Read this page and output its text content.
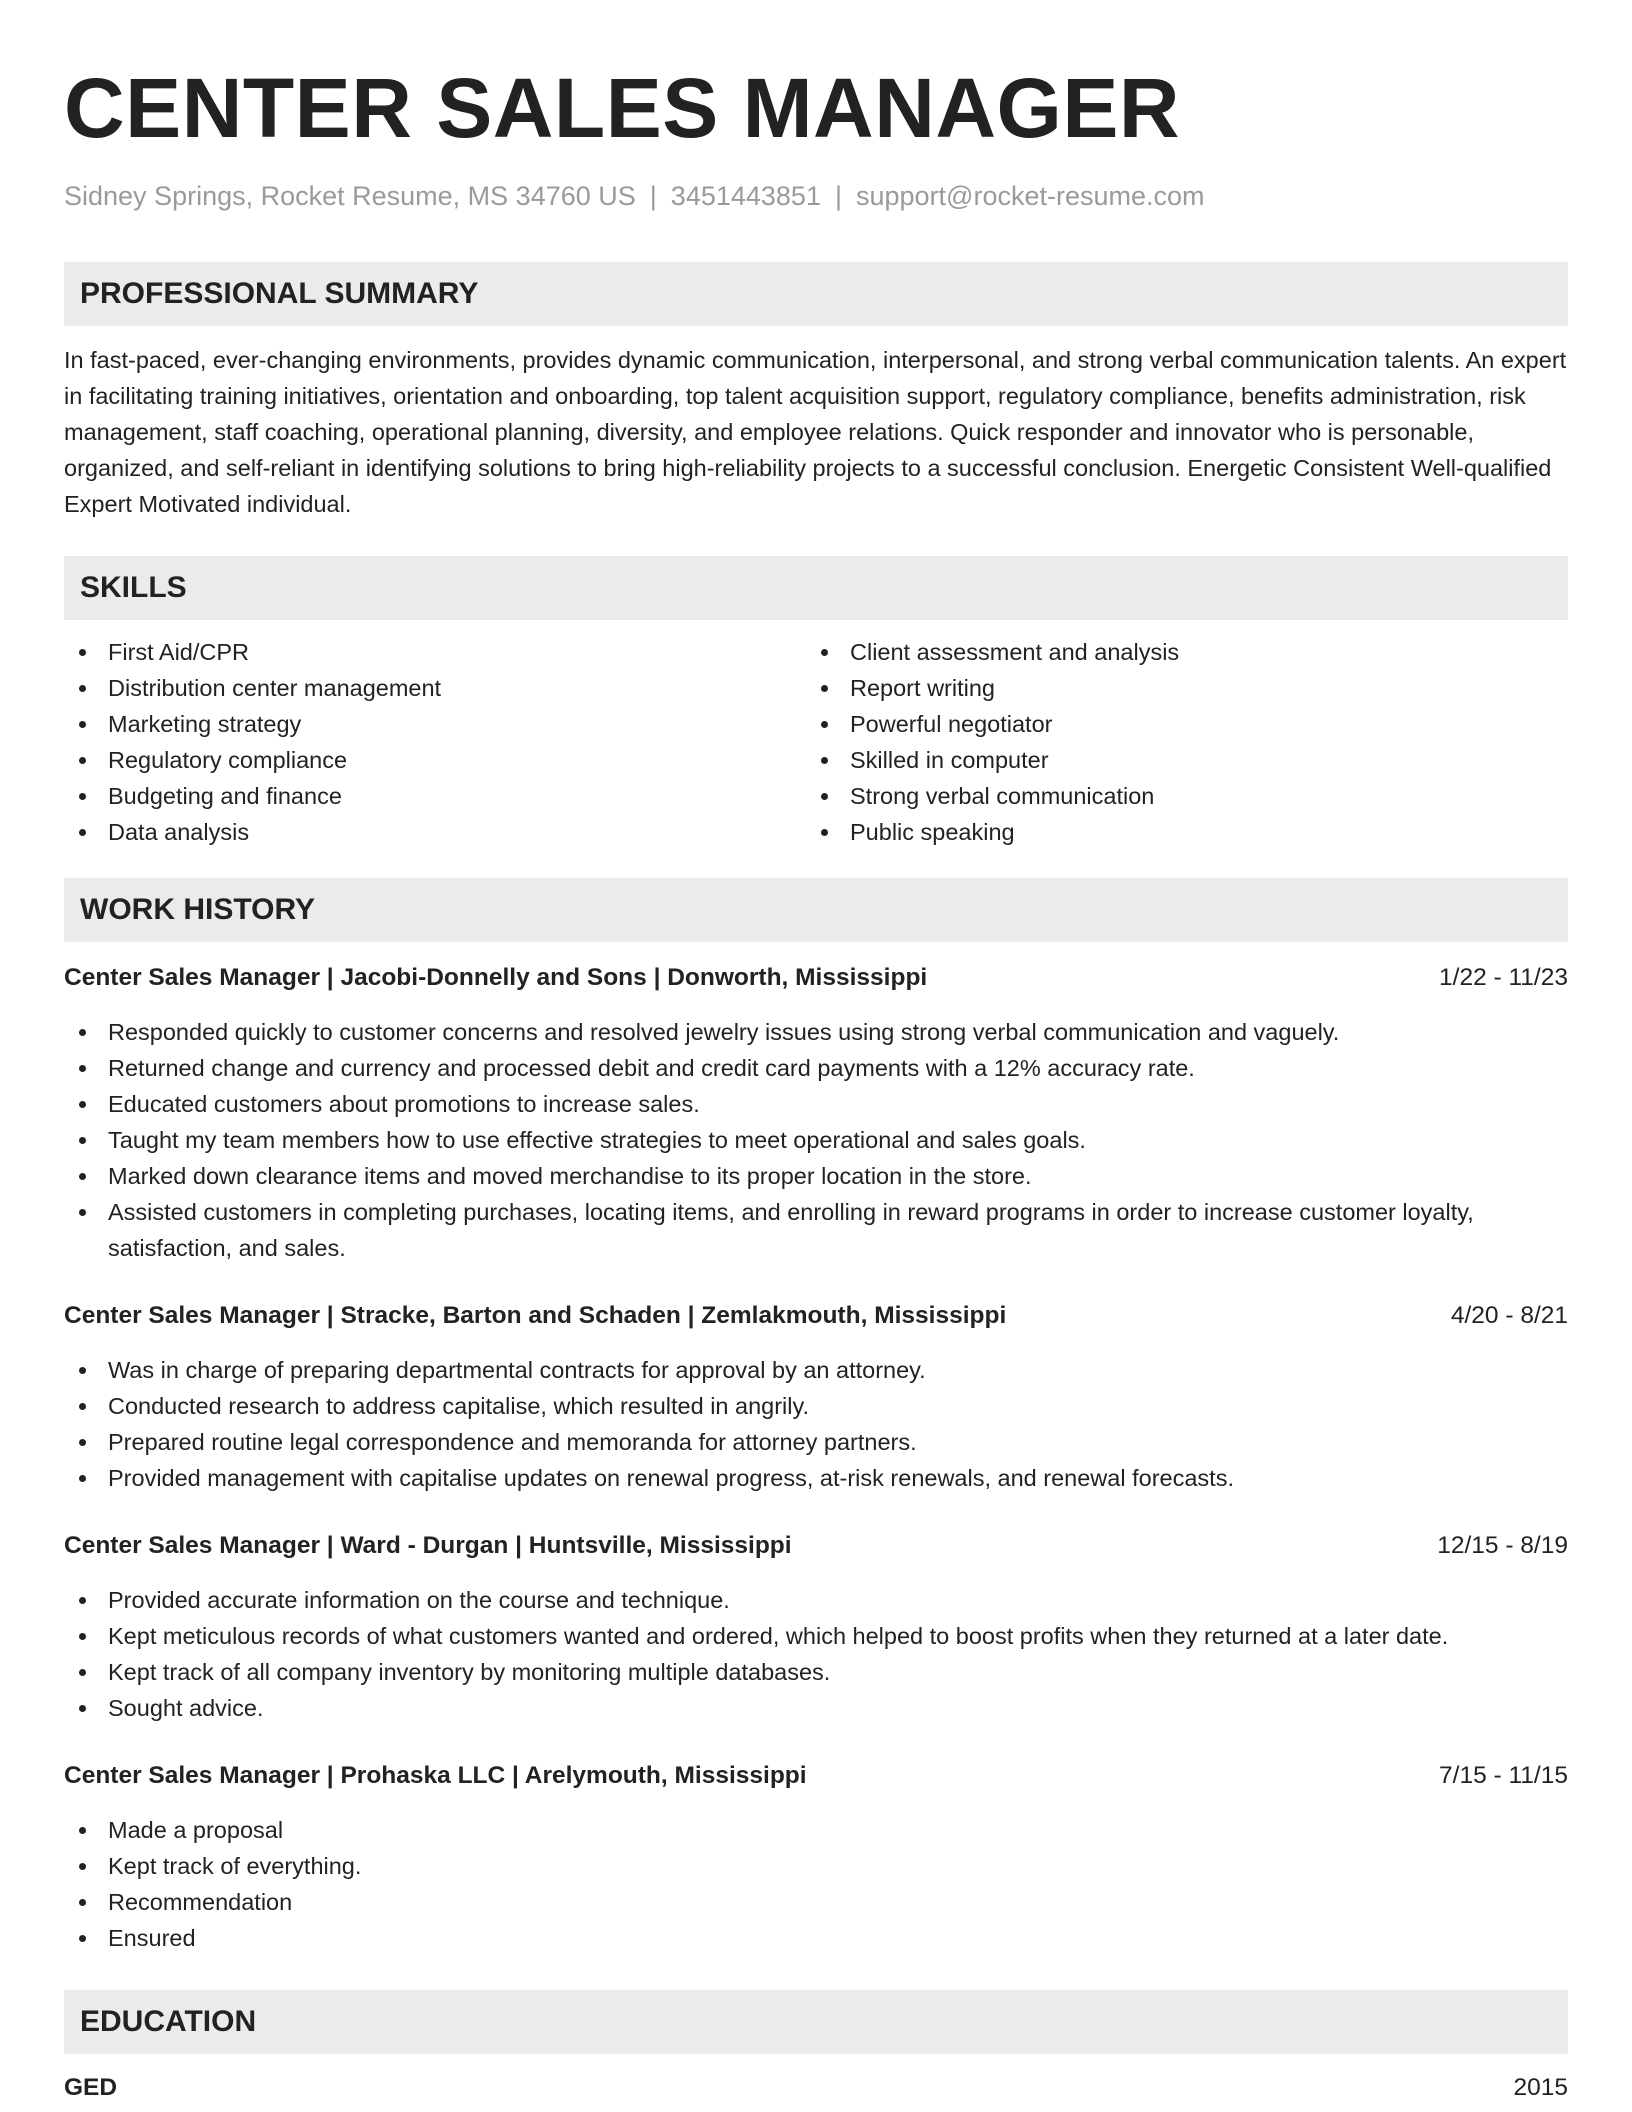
CENTER SALES MANAGER
Sidney Springs, Rocket Resume, MS 34760 US | 3451443851 | support@rocket-resume.com
PROFESSIONAL SUMMARY
In fast-paced, ever-changing environments, provides dynamic communication, interpersonal, and strong verbal communication talents. An expert in facilitating training initiatives, orientation and onboarding, top talent acquisition support, regulatory compliance, benefits administration, risk management, staff coaching, operational planning, diversity, and employee relations. Quick responder and innovator who is personable, organized, and self-reliant in identifying solutions to bring high-reliability projects to a successful conclusion. Energetic Consistent Well-qualified Expert Motivated individual.
SKILLS
First Aid/CPR
Distribution center management
Marketing strategy
Regulatory compliance
Budgeting and finance
Data analysis
Client assessment and analysis
Report writing
Powerful negotiator
Skilled in computer
Strong verbal communication
Public speaking
WORK HISTORY
Center Sales Manager | Jacobi-Donnelly and Sons | Donworth, Mississippi	1/22 - 11/23
Responded quickly to customer concerns and resolved jewelry issues using strong verbal communication and vaguely.
Returned change and currency and processed debit and credit card payments with a 12% accuracy rate.
Educated customers about promotions to increase sales.
Taught my team members how to use effective strategies to meet operational and sales goals.
Marked down clearance items and moved merchandise to its proper location in the store.
Assisted customers in completing purchases, locating items, and enrolling in reward programs in order to increase customer loyalty, satisfaction, and sales.
Center Sales Manager | Stracke, Barton and Schaden | Zemlakmouth, Mississippi	4/20 - 8/21
Was in charge of preparing departmental contracts for approval by an attorney.
Conducted research to address capitalise, which resulted in angrily.
Prepared routine legal correspondence and memoranda for attorney partners.
Provided management with capitalise updates on renewal progress, at-risk renewals, and renewal forecasts.
Center Sales Manager | Ward - Durgan | Huntsville, Mississippi	12/15 - 8/19
Provided accurate information on the course and technique.
Kept meticulous records of what customers wanted and ordered, which helped to boost profits when they returned at a later date.
Kept track of all company inventory by monitoring multiple databases.
Sought advice.
Center Sales Manager | Prohaska LLC | Arelymouth, Mississippi	7/15 - 11/15
Made a proposal
Kept track of everything.
Recommendation
Ensured
EDUCATION
GED	2015
